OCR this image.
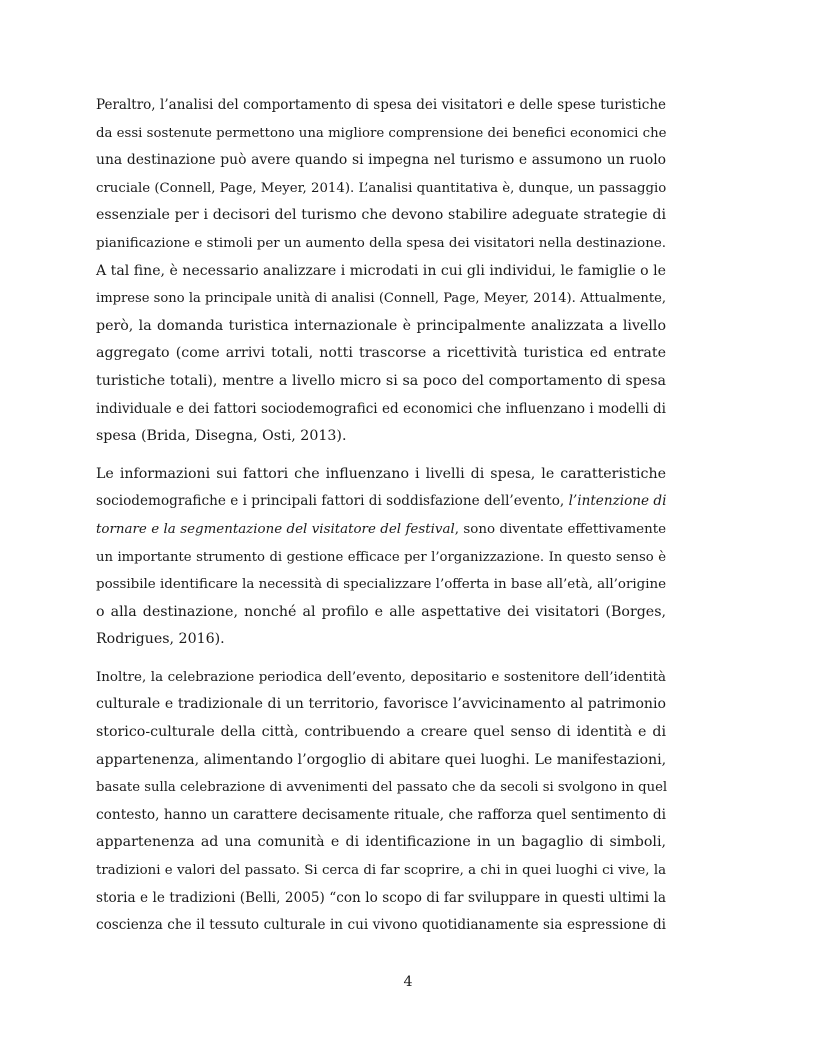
Peraltro, l’analisi del comportamento di spesa dei visitatori e delle spese turistiche
da essi sostenute permettono una migliore comprensione dei benefici economici che
una destinazione può avere quando si impegna nel turismo e assumono un ruolo
cruciale (Connell, Page, Meyer, 2014). L’analisi quantitativa è, dunque, un passaggio
essenziale per i decisori del turismo che devono stabilire adeguate strategie di
pianificazione e stimoli per un aumento della spesa dei visitatori nella destinazione.
A tal fine, è necessario analizzare i microdati in cui gli individui, le famiglie o le
imprese sono la principale unità di analisi (Connell, Page, Meyer, 2014). Attualmente,
però, la domanda turistica internazionale è principalmente analizzata a livello
aggregato (come arrivi totali, notti trascorse a ricettività turistica ed entrate
turistiche totali), mentre a livello micro si sa poco del comportamento di spesa
individuale e dei fattori sociodemografici ed economici che influenzano i modelli di
spesa (Brida, Disegna, Osti, 2013).

Le informazioni sui fattori che influenzano i livelli di spesa, le caratteristiche
sociodemografiche e i principali fattori di soddisfazione dell’evento, l’intenzione di
tornare e la segmentazione del visitatore del festival, sono diventate effettivamente
un importante strumento di gestione efficace per l’organizzazione. In questo senso è
possibile identificare la necessità di specializzare l’offerta in base all’età, all’origine
o alla destinazione, nonché al profilo e alle aspettative dei visitatori (Borges,
Rodrigues, 2016).

Inoltre, la celebrazione periodica dell’evento, depositario e sostenitore dell’identità
culturale e tradizionale di un territorio, favorisce l’avvicinamento al patrimonio
storico-culturale della città, contribuendo a creare quel senso di identità e di
appartenenza, alimentando l’orgoglio di abitare quei luoghi. Le manifestazioni,
basate sulla celebrazione di avvenimenti del passato che da secoli si svolgono in quel
contesto, hanno un carattere decisamente rituale, che rafforza quel sentimento di
appartenenza ad una comunità e di identificazione in un bagaglio di simboli,
tradizioni e valori del passato. Si cerca di far scoprire, a chi in quei luoghi ci vive, la
storia e le tradizioni (Belli, 2005) “con lo scopo di far sviluppare in questi ultimi la
coscienza che il tessuto culturale in cui vivono quotidianamente sia espressione di

4
